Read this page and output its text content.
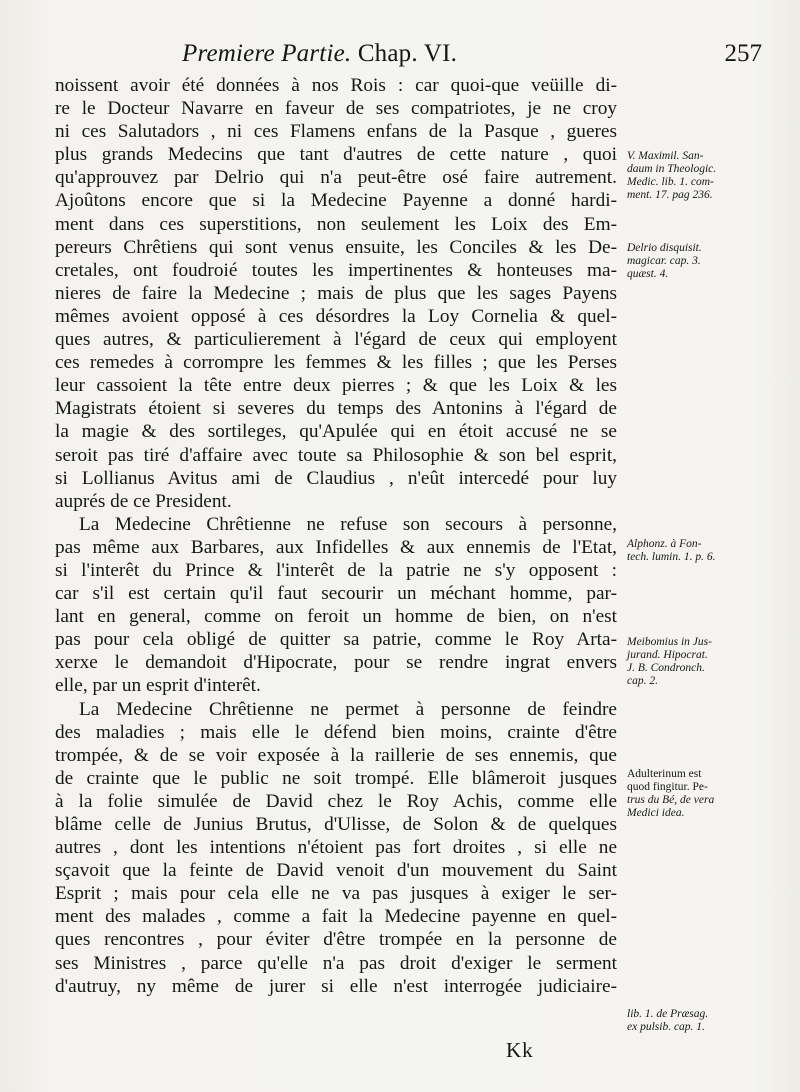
Premiere Partie. Chap. VI.	257
noissent avoir été données à nos Rois : car quoi-que veüille di-
re le Docteur Navarre en faveur de ses compatriotes, je ne croy
ni ces Salutadors , ni ces Flamens enfans de la Pasque , gueres
plus grands Medecins que tant d'autres de cette nature , quoi
qu'approuvez par Delrio qui n'a peut-être osé faire autrement.
Ajoûtons encore que si la Medecine Payenne a donné hardi-
ment dans ces superstitions, non seulement les Loix des Em-
pereurs Chrêtiens qui sont venus ensuite, les Conciles & les De-
cretales, ont foudroié toutes les impertinentes & honteuses ma-
nieres de faire la Medecine ; mais de plus que les sages Payens
mêmes avoient opposé à ces désordres la Loy Cornelia & quel-
ques autres, & particulierement à l'égard de ceux qui employent
ces remedes à corrompre les femmes & les filles ; que les Perses
leur cassoient la tête entre deux pierres ; & que les Loix & les
Magistrats étoient si severes du temps des Antonins à l'égard de
la magie & des sortileges, qu'Apulée qui en étoit accusé ne se
seroit pas tiré d'affaire avec toute sa Philosophie & son bel esprit,
si Lollianus Avitus ami de Claudius , n'eût intercedé pour luy
auprés de ce President.
La Medecine Chrêtienne ne refuse son secours à personne,
pas même aux Barbares, aux Infidelles & aux ennemis de l'Etat,
si l'interêt du Prince & l'interêt de la patrie ne s'y opposent :
car s'il est certain qu'il faut secourir un méchant homme, par-
lant en general, comme on feroit un homme de bien, on n'est
pas pour cela obligé de quitter sa patrie, comme le Roy Arta-
xerxe le demandoit d'Hipocrate, pour se rendre ingrat envers
elle, par un esprit d'interêt.
La Medecine Chrêtienne ne permet à personne de feindre
des maladies ; mais elle le défend bien moins, crainte d'être
trompée, & de se voir exposée à la raillerie de ses ennemis, que
de crainte que le public ne soit trompé. Elle blâmeroit jusques
à la folie simulée de David chez le Roy Achis, comme elle
blâme celle de Junius Brutus, d'Ulisse, de Solon & de quelques
autres , dont les intentions n'étoient pas fort droites , si elle ne
sçavoit que la feinte de David venoit d'un mouvement du Saint
Esprit ; mais pour cela elle ne va pas jusques à exiger le ser-
ment des malades , comme a fait la Medecine payenne en quel-
ques rencontres , pour éviter d'être trompée en la personne de
ses Ministres , parce qu'elle n'a pas droit d'exiger le serment
d'autruy, ny même de jurer si elle n'est interrogée judiciaire-
V. Maximil. San-
daum in Theologic.
Medic. lib. 1. com-
ment. 17. pag 236.
Delrio disquisit.
magicar. cap. 3.
quæst. 4.
Alphonz. à Fon-
tech. lumin. 1. p. 6.
Meibomius in Jus-
jurand. Hipocrat.
J. B. Condronch.
cap. 2.
Adulterinum est
quod fingitur. Pe-
trus du Bé, de vera
Medici idea.
lib. 1. de Præsag.
ex pulsib. cap. 1.
Kk
